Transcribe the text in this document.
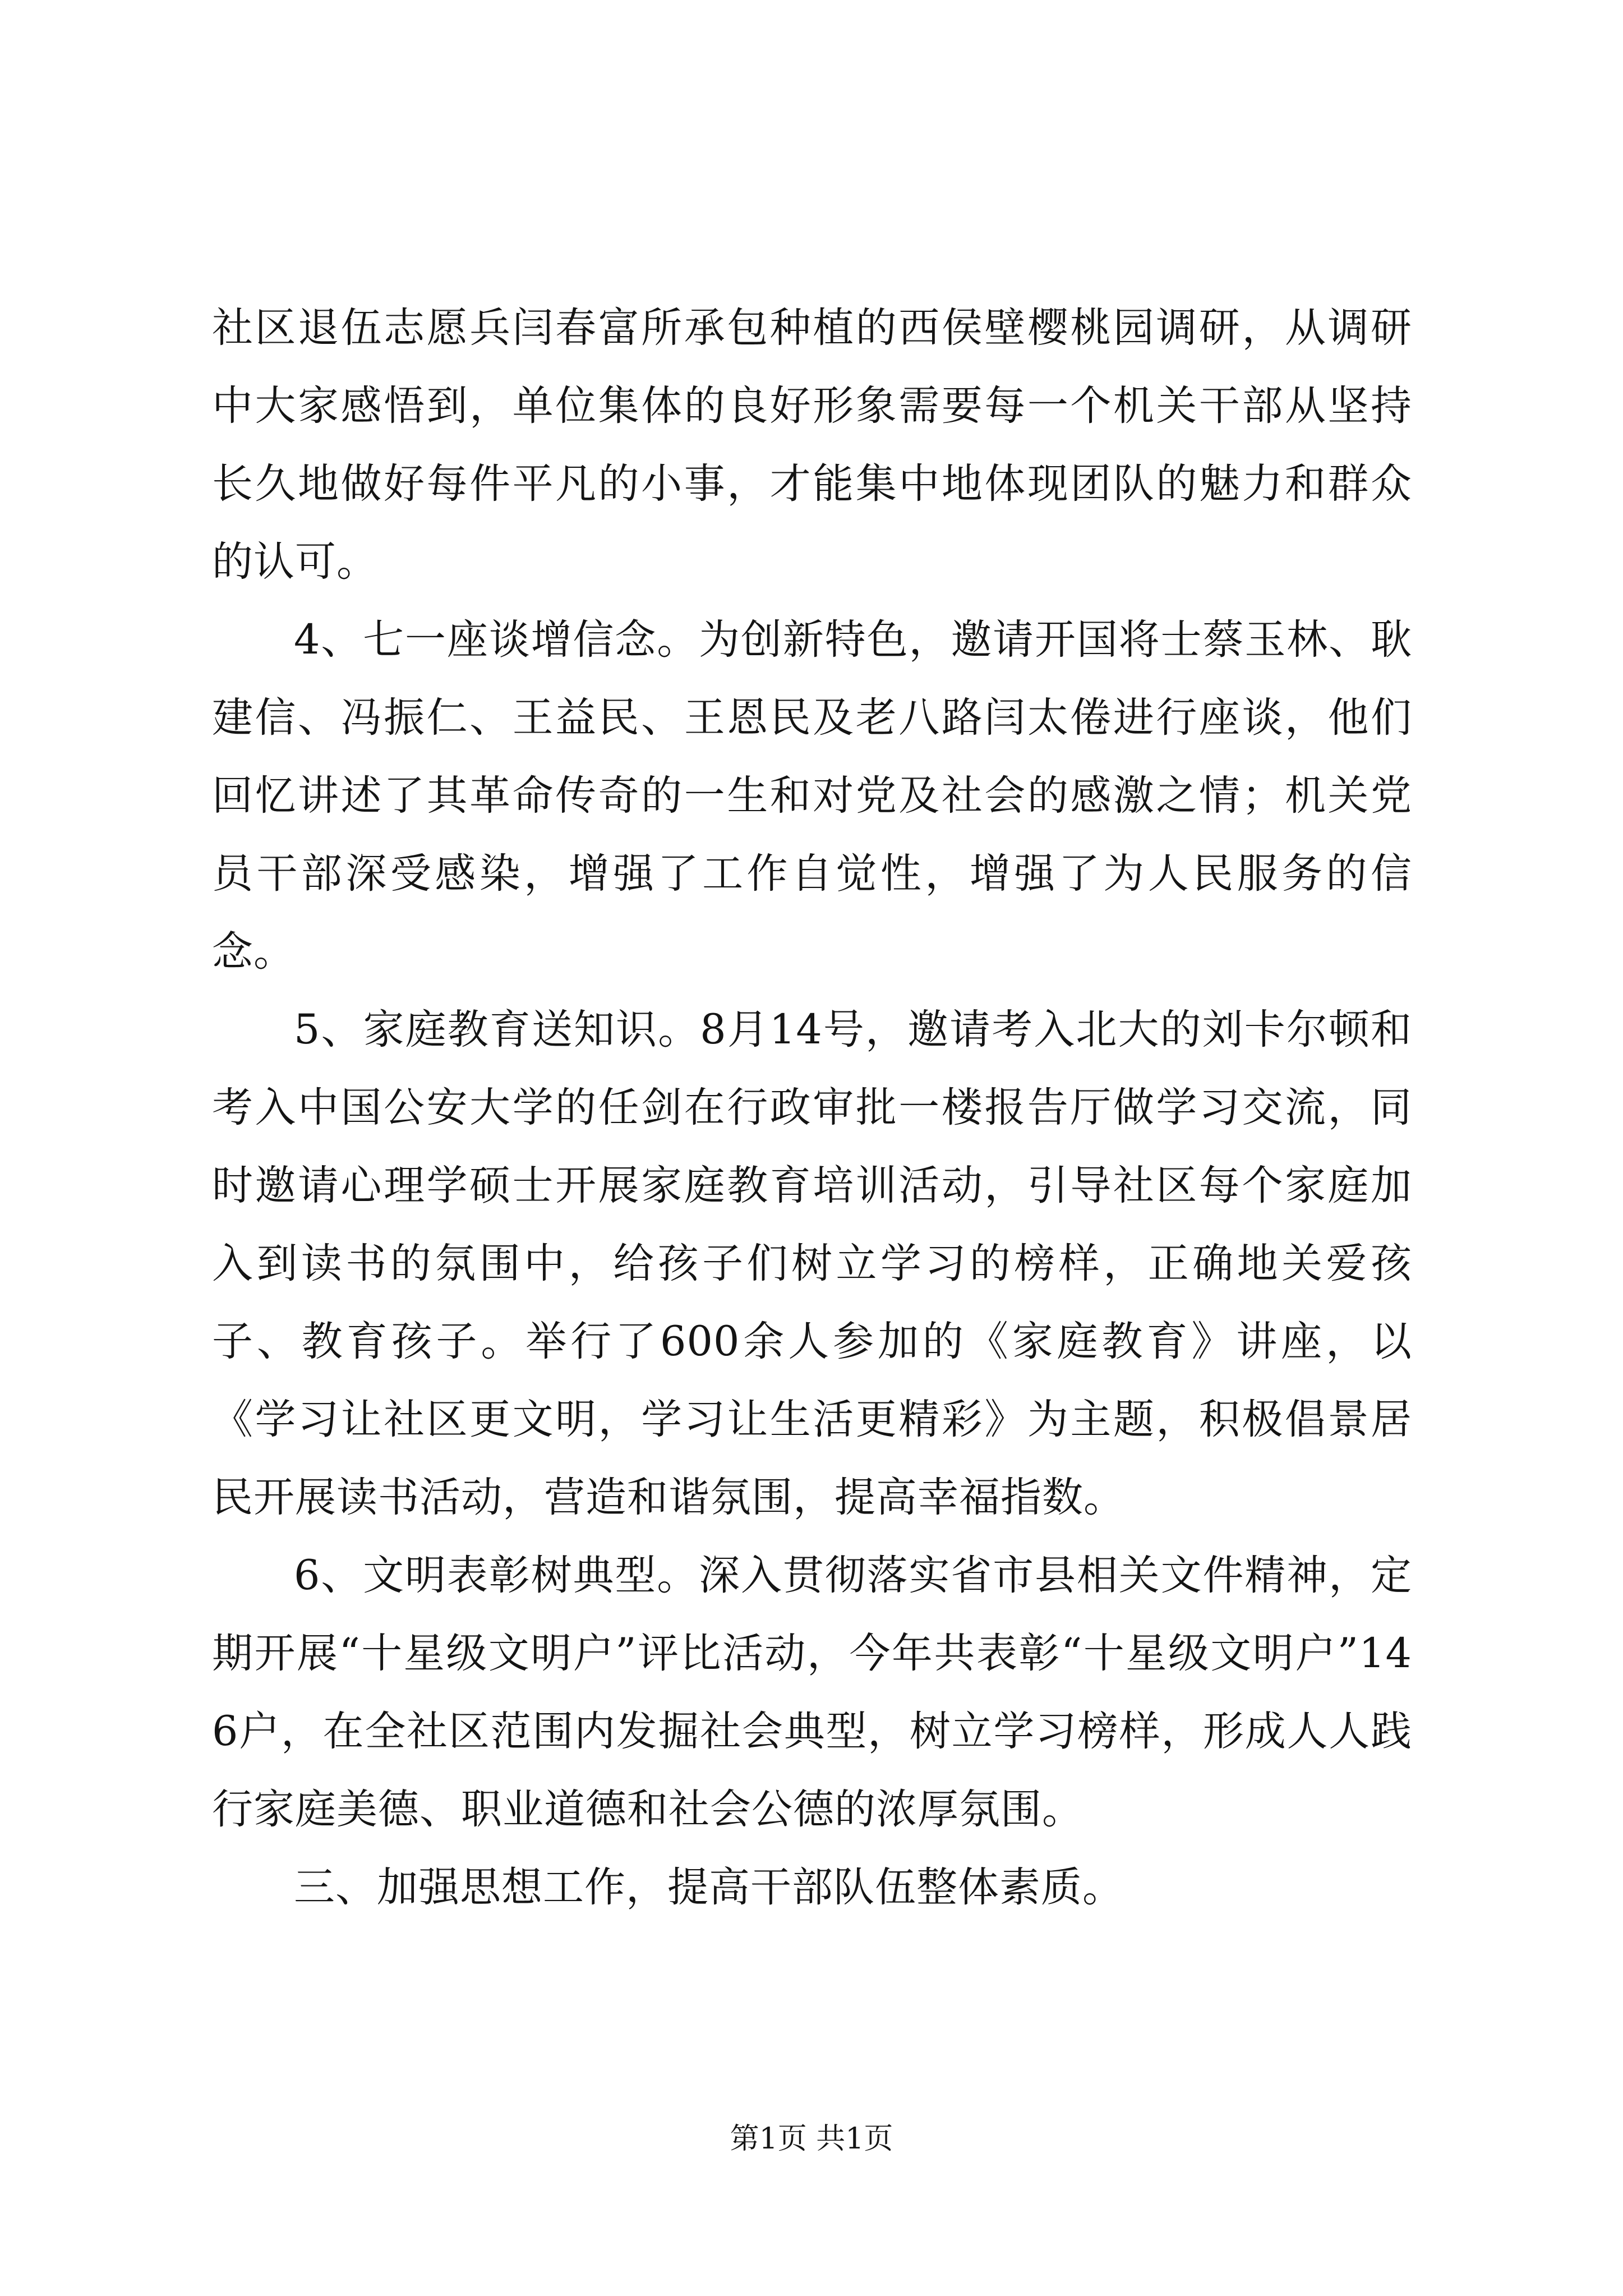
社区退伍志愿兵闫春富所承包种植的西侯壁樱桃园调研，从调研中大家感悟到，单位集体的良好形象需要每一个机关干部从坚持长久地做好每件平凡的小事，才能集中地体现团队的魅力和群众的认可。

4、七一座谈增信念。为创新特色，邀请开国将士蔡玉林、耿建信、冯振仁、王益民、王恩民及老八路闫太倦进行座谈，他们回忆讲述了其革命传奇的一生和对党及社会的感激之情；机关党员干部深受感染，增强了工作自觉性，增强了为人民服务的信念。

5、家庭教育送知识。8月14号，邀请考入北大的刘卡尔顿和考入中国公安大学的任剑在行政审批一楼报告厅做学习交流，同时邀请心理学硕士开展家庭教育培训活动，引导社区每个家庭加入到读书的氛围中，给孩子们树立学习的榜样，正确地关爱孩子、教育孩子。举行了600余人参加的《家庭教育》讲座，以《学习让社区更文明，学习让生活更精彩》为主题，积极倡景居民开展读书活动，营造和谐氛围，提高幸福指数。

6、文明表彰树典型。深入贯彻落实省市县相关文件精神，定期开展“十星级文明户”评比活动，今年共表彰“十星级文明户”146户，在全社区范围内发掘社会典型，树立学习榜样，形成人人践行家庭美德、职业道德和社会公德的浓厚氛围。

三、加强思想工作，提高干部队伍整体素质。

第1页 共1页
